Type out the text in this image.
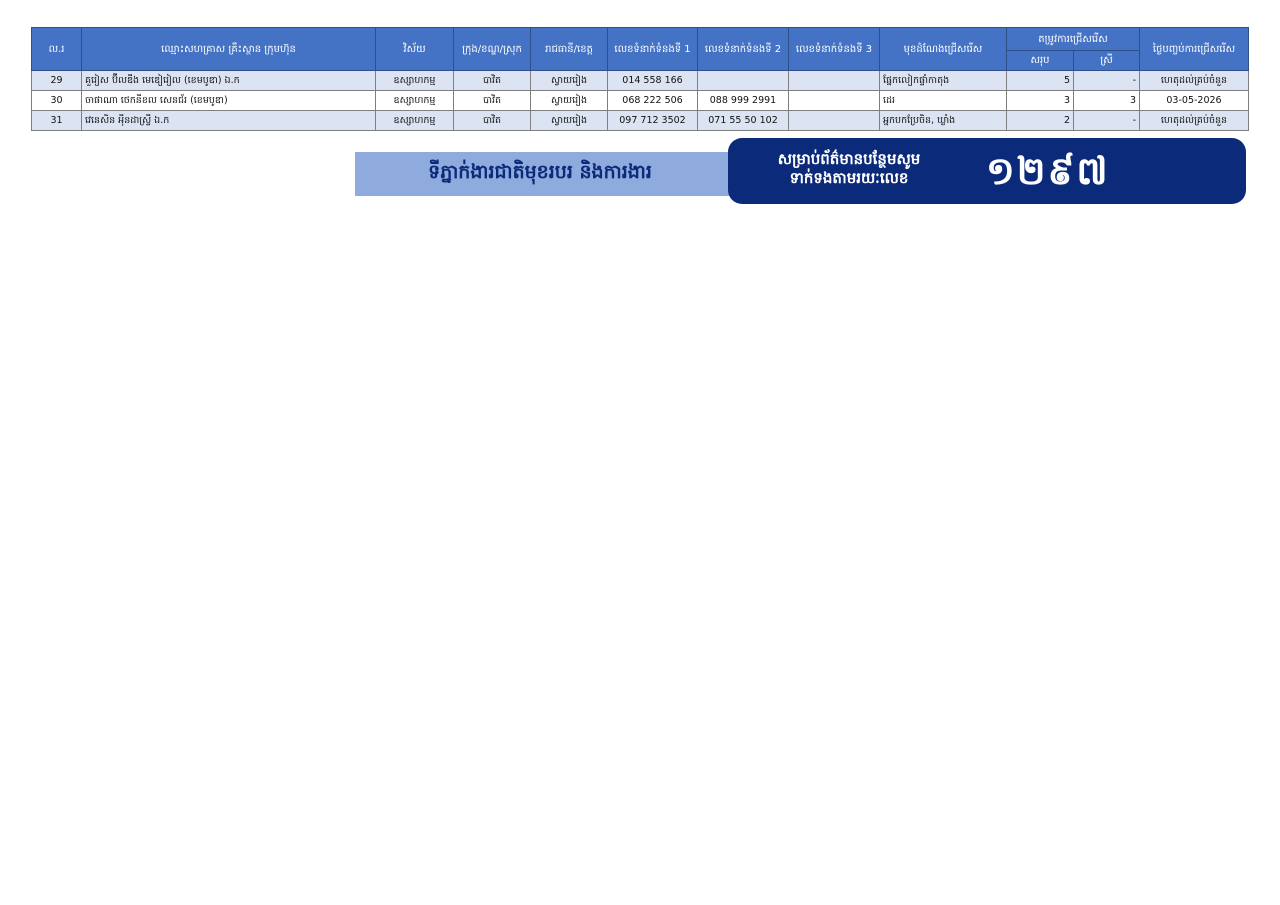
ល.រ	ឈ្មោះសហគ្រាស គ្រឹះស្ថាន ក្រុមហ៊ុន	វិស័យ	ក្រុង/ខណ្ឌ/ស្រុក	រាជធានី/ខេត្ត	លេខទំនាក់ទំនងទី 1	លេខទំនាក់ទំនងទី 2	លេខទំនាក់ទំនងទី 3	មុខដំណែងជ្រើសរើស	តម្រូវការជ្រើសរើស		ថ្ងៃបញ្ចប់ការជ្រើសរើស
									សរុប	ស្រី	
29	គួរៀស ប៊ីលឌីង មេឌៀរៀល (ខេមបូឌា) ឯ.ក	ឧស្សាហកម្ម	បាវិត	ស្វាយរៀង	014 558 166			ផ្នែកលៀកផ្ទាំកាតុង	5	-	ហេតុដល់គ្រប់ចំនួន
30	ចាផាណា ថេកនីខល សេនជ័រ (ខេមបូឌា)	ឧស្សាហកម្ម	បាវិត	ស្វាយរៀង	068 222 506	088 999 2991		ដេរ	3	3	03-05-2026
31	វេនេសិន អុីនដាស្ទ្រី ឯ.ក	ឧស្សាហកម្ម	បាវិត	ស្វាយរៀង	097 712 3502	071 55 50 102		អ្នកបកប្រែចិន, ឃ្លាំង	2	-	ហេតុដល់គ្រប់ចំនួន
ទីភ្នាក់ងារជាតិមុខរបរ និងការងារ
សម្រាប់ព័ត៌មានបន្ថែមសូម
ទាក់ទងតាមរយៈលេខ	១២៩៧
